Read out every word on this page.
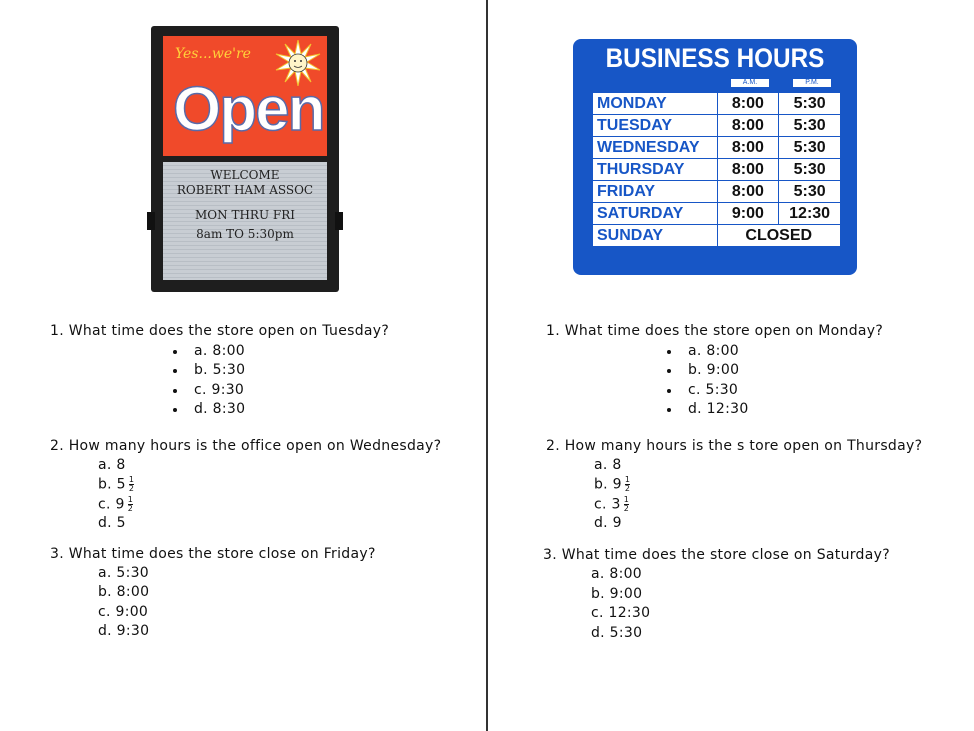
Yes...we're
Open
WELCOME
ROBERT HAM ASSOC
MON THRU FRI
8am TO 5:30pm
BUSINESS HOURS
A.M.	P.M.
MONDAY	8:00	5:30
TUESDAY	8:00	5:30
WEDNESDAY	8:00	5:30
THURSDAY	8:00	5:30
FRIDAY	8:00	5:30
SATURDAY	9:00	12:30
SUNDAY	CLOSED	
1. What time does the store open on Tuesday?
a. 8:00
b. 5:30
c. 9:30
d. 8:30
2. How many hours is the office open on Wednesday?
a. 8
b. $5 \frac{1}{2}$
c. $9 \frac{1}{2}$
d. 5
3. What time does the store close on Friday?
a. 5:30
b. 8:00
c. 9:00
d. 9:30
1. What time does the store open on Monday?
a. 8:00
b. 9:00
c. 5:30
d. 12:30
2. How many hours is the s tore open on Thursday?
a. 8
b. $9 \frac{1}{2}$
c. $3 \frac{1}{2}$
d. 9
3. What time does the store close on Saturday?
a. 8:00
b. 9:00
c. 12:30
d. 5:30
